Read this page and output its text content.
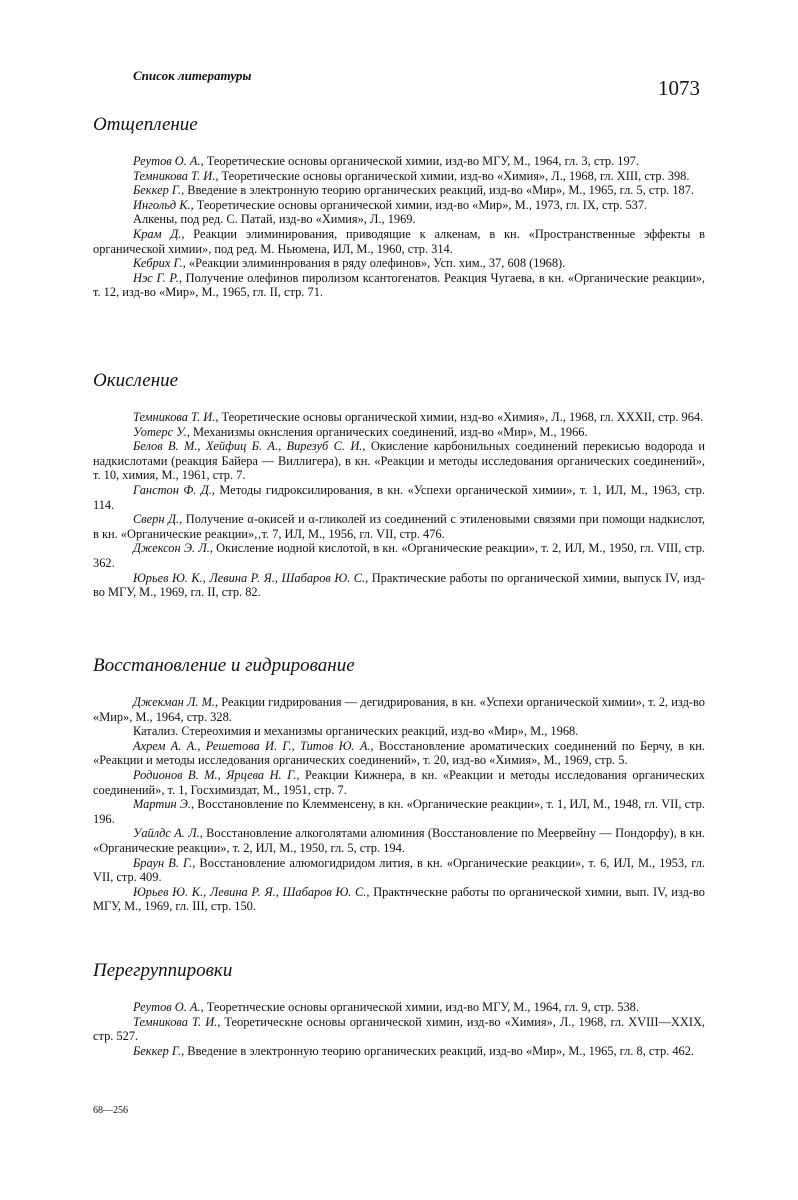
Список литературы
1073
Отщепление

Реутов О. А., Теоретические основы органической химии, изд-во МГУ, М., 1964, гл. 3, стр. 197.

Темникова Т. И., Теоретические основы органической химии, изд-во «Химия», Л., 1968, гл. XIII, стр. 398.

Беккер Г., Введение в электронную теорию органических реакций, изд-во «Мир», М., 1965, гл. 5, стр. 187.

Ингольд К., Теоретические основы органической химии, изд-во «Мир», М., 1973, гл. IX, стр. 537.

Алкены, под ред. С. Патай, изд-во «Химия», Л., 1969.

Крам Д., Реакции элиминирования, приводящие к алкенам, в кн. «Пространственные эффекты в органической химии», под ред. М. Ньюмена, ИЛ, М., 1960, стр. 314.

Кебрих Г., «Реакции элиминнрования в ряду олефинов», Усп. хим., 37, 608 (1968).

Нэс Г. Р., Получение олефинов пиролизом ксантогенатов. Реакция Чугаева, в кн. «Органические реакции», т. 12, изд-во «Мир», М., 1965, гл. II, стр. 71.

Окисление

Темникова Т. И., Теоретические основы органической химии, нзд-во «Химия», Л., 1968, гл. XXXII, стр. 964.

Уотерс У., Механизмы окнсления органических соединений, изд-во «Мир», М., 1966.

Белов В. М., Хейфиц Б. А., Вирезуб С. И., Окисление карбонильных соединений перекисью водорода и надкислотами (реакция Байера — Виллигера), в кн. «Реакции и методы исследования органических соединений», т. 10, химия, М., 1961, стр. 7.

Ганстон Ф. Д., Методы гидроксилирования, в кн. «Успехи органической химии», т. 1, ИЛ, М., 1963, стр. 114.

Сверн Д., Получение α-окисей и α-гликолей из соединений с этиленовыми связями при помощи надкислот, в кн. «Органические реакции»,‚т. 7, ИЛ, М., 1956, гл. VII, стр. 476.

Джексон Э. Л., Окисление иодной кислотой, в кн. «Органические реакции», т. 2, ИЛ, М., 1950, гл. VIII, стр. 362.

Юрьев Ю. К., Левина Р. Я., Шабаров Ю. С., Практические работы по органической химии, выпуск IV, изд-во МГУ, М., 1969, гл. II, стр. 82.

Восстановление и гидрирование

Джекман Л. М., Реакции гидрирования — дегидрирования, в кн. «Успехи органической химии», т. 2, изд-во «Мир», М., 1964, стр. 328.

Катализ. Стереохимия и механизмы органических реакций, изд-во «Мир», М., 1968.

Ахрем А. А., Решетова И. Г., Титов Ю. А., Восстановление ароматических соединений по Берчу, в кн. «Реакции и методы исследования органических соединений», т. 20, изд-во «Химия», М., 1969, стр. 5.

Родионов В. М., Ярцева Н. Г., Реакции Кижнера, в кн. «Реакции и методы исследования органических соединений», т. 1, Госхимиздат, М., 1951, стр. 7.

Мартин Э., Восстановление по Клемменсену, в кн. «Органические реакции», т. 1, ИЛ, М., 1948, гл. VII, стр. 196.

Уайлдс А. Л., Восстановление алкоголятами алюминия (Восстановление по Меервейну — Пондорфу), в кн. «Органические реакции», т. 2, ИЛ, М., 1950, гл. 5, стр. 194.

Браун В. Г., Восстановление алюмогидридом лития, в кн. «Органические реакции», т. 6, ИЛ, М., 1953, гл. VII, стр. 409.

Юрьев Ю. К., Левина Р. Я., Шабаров Ю. С., Практнческне работы по органической химии, вып. IV, изд-во МГУ, М., 1969, гл. III, стр. 150.

Перегруппировки

Реутов О. А., Теоретнческие основы органической химии, изд-во МГУ, М., 1964, гл. 9, стр. 538.

Темникова Т. И., Теоретическне основы органической химин, изд-во «Химия», Л., 1968, гл. XVIII—XXIX, стр. 527.

Беккер Г., Введение в электронную теорию органических реакций, изд-во «Мир», М., 1965, гл. 8, стр. 462.

68—256
